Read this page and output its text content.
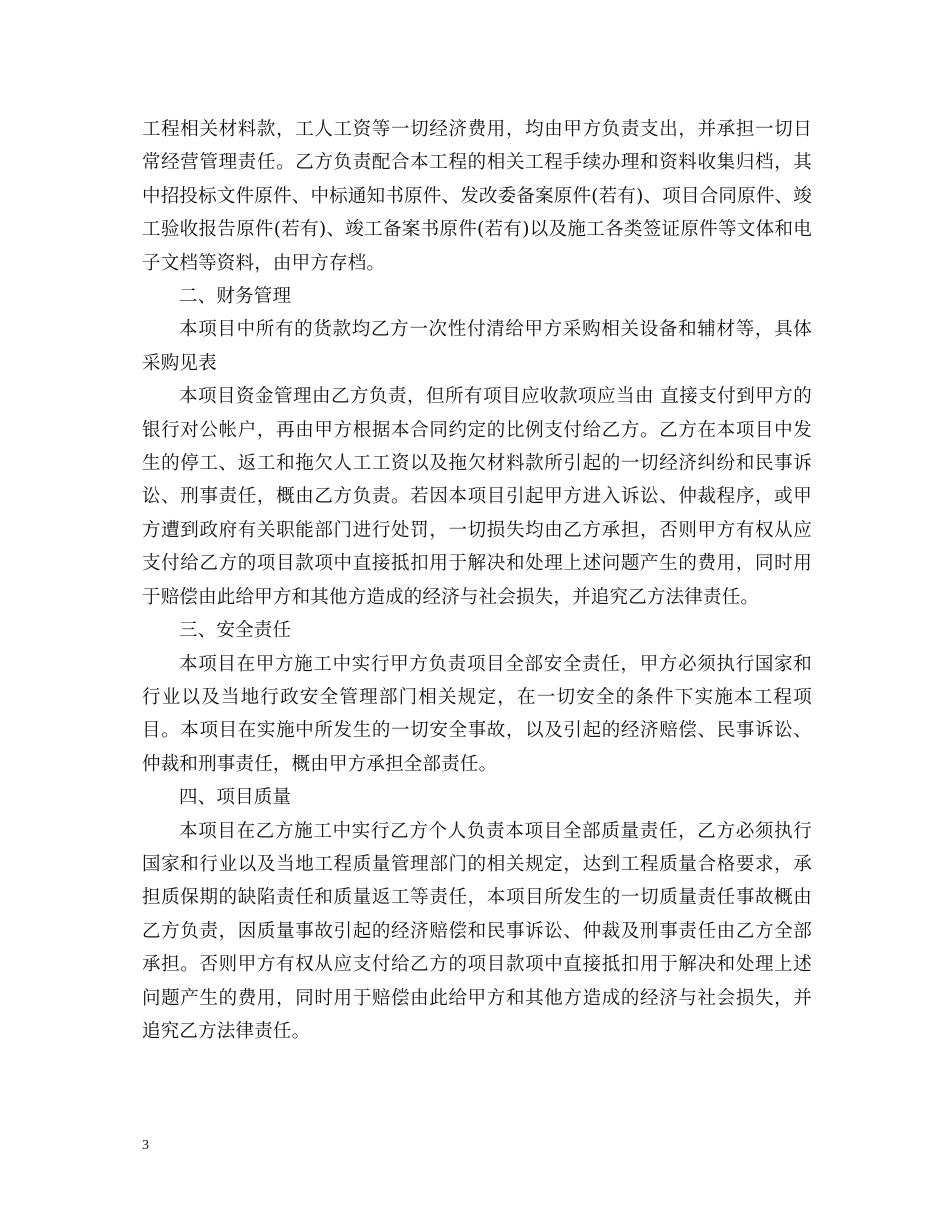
工程相关材料款，工人工资等一切经济费用，均由甲方负责支出，并承担一切日常经营管理责任。乙方负责配合本工程的相关工程手续办理和资料收集归档，其中招投标文件原件、中标通知书原件、发改委备案原件(若有)、项目合同原件、竣工验收报告原件(若有)、竣工备案书原件(若有)以及施工各类签证原件等文体和电子文档等资料，由甲方存档。

二、财务管理

本项目中所有的货款均乙方一次性付清给甲方采购相关设备和辅材等，具体采购见表

本项目资金管理由乙方负责，但所有项目应收款项应当由 直接支付到甲方的银行对公帐户，再由甲方根据本合同约定的比例支付给乙方。乙方在本项目中发生的停工、返工和拖欠人工工资以及拖欠材料款所引起的一切经济纠纷和民事诉讼、刑事责任，概由乙方负责。若因本项目引起甲方进入诉讼、仲裁程序，或甲方遭到政府有关职能部门进行处罚，一切损失均由乙方承担，否则甲方有权从应支付给乙方的项目款项中直接抵扣用于解决和处理上述问题产生的费用，同时用于赔偿由此给甲方和其他方造成的经济与社会损失，并追究乙方法律责任。

三、安全责任

本项目在甲方施工中实行甲方负责项目全部安全责任，甲方必须执行国家和行业以及当地行政安全管理部门相关规定，在一切安全的条件下实施本工程项目。本项目在实施中所发生的一切安全事故，以及引起的经济赔偿、民事诉讼、仲裁和刑事责任，概由甲方承担全部责任。

四、项目质量

本项目在乙方施工中实行乙方个人负责本项目全部质量责任，乙方必须执行国家和行业以及当地工程质量管理部门的相关规定，达到工程质量合格要求，承担质保期的缺陷责任和质量返工等责任，本项目所发生的一切质量责任事故概由乙方负责，因质量事故引起的经济赔偿和民事诉讼、仲裁及刑事责任由乙方全部承担。否则甲方有权从应支付给乙方的项目款项中直接抵扣用于解决和处理上述问题产生的费用，同时用于赔偿由此给甲方和其他方造成的经济与社会损失，并追究乙方法律责任。

3
